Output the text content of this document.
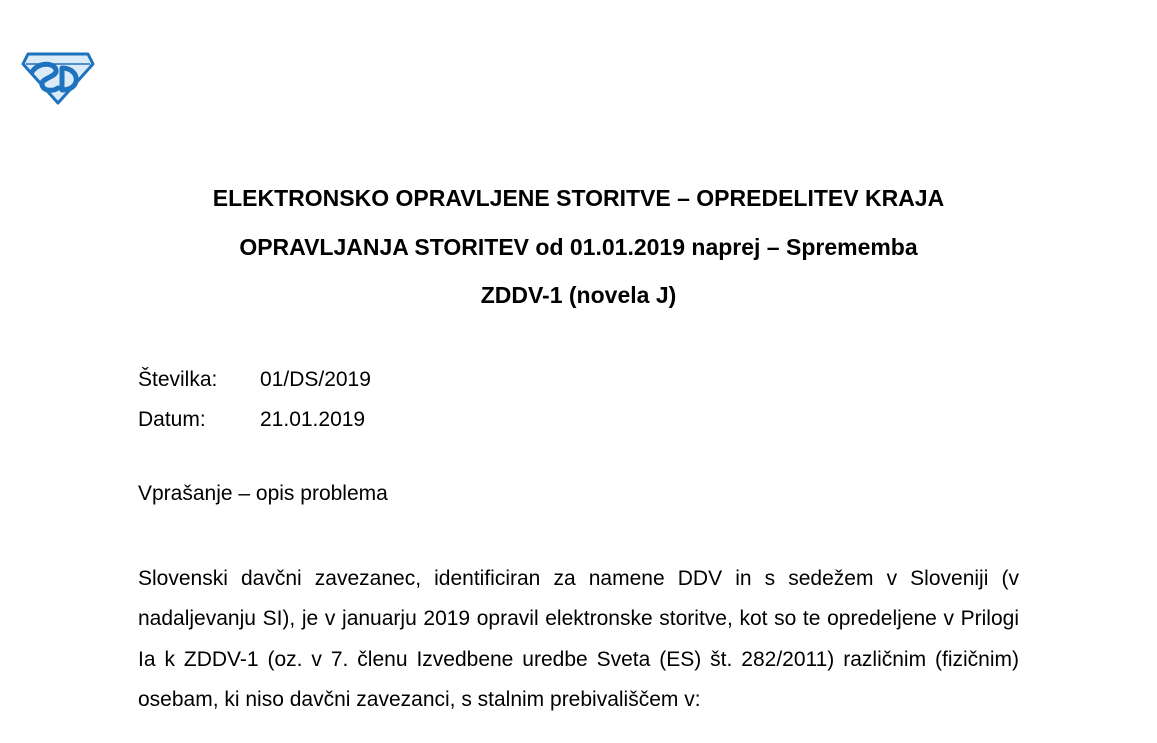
ELEKTRONSKO OPRAVLJENE STORITVE – OPREDELITEV KRAJA
OPRAVLJANJA STORITEV od 01.01.2019 naprej – Sprememba
ZDDV-1 (novela J)
Številka:	01/DS/2019
Datum:	21.01.2019
Vprašanje – opis problema
Slovenski davčni zavezanec, identificiran za namene DDV in s sedežem v Sloveniji (v nadaljevanju SI), je v januarju 2019 opravil elektronske storitve, kot so te opredeljene v Prilogi Ia k ZDDV-1 (oz. v 7. členu Izvedbene uredbe Sveta (ES) št. 282/2011) različnim (fizičnim) osebam, ki niso davčni zavezanci, s stalnim prebivališčem v:
